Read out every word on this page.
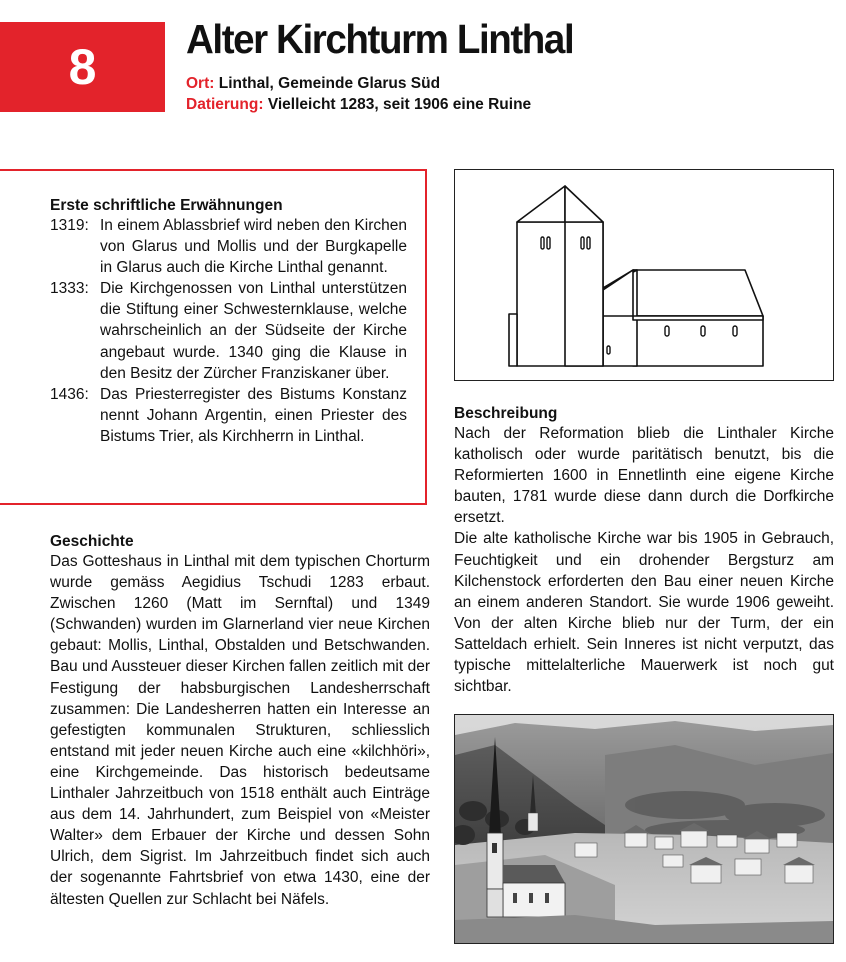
8	Alter Kirchturm Linthal
Ort: Linthal, Gemeinde Glarus Süd
Datierung: Vielleicht 1283, seit 1906 eine Ruine
Erste schriftliche Erwähnungen
1319: In einem Ablassbrief wird neben den Kirchen von Glarus und Mollis und der Burgkapelle in Glarus auch die Kirche Linthal genannt.
1333: Die Kirchgenossen von Linthal unterstützen die Stiftung einer Schwesternklause, welche wahrscheinlich an der Südseite der Kirche angebaut wurde. 1340 ging die Klause in den Besitz der Zürcher Franziskaner über.
1436: Das Priesterregister des Bistums Konstanz nennt Johann Argentin, einen Priester des Bistums Trier, als Kirchherrn in Linthal.
Geschichte
Das Gotteshaus in Linthal mit dem typischen Chorturm wurde gemäss Aegidius Tschudi 1283 erbaut. Zwischen 1260 (Matt im Sernftal) und 1349 (Schwanden) wurden im Glarnerland vier neue Kirchen gebaut: Mollis, Linthal, Obstalden und Betschwanden. Bau und Aussteuer dieser Kirchen fallen zeitlich mit der Festigung der habsburgischen Landesherrschaft zusammen: Die Landesherren hatten ein Interesse an gefestigten kommunalen Strukturen, schliesslich entstand mit jeder neuen Kirche auch eine «kilchhöri», eine Kirchgemeinde. Das historisch bedeutsame Linthaler Jahrzeitbuch von 1518 enthält auch Einträge aus dem 14. Jahrhundert, zum Beispiel von «Meister Walter» dem Erbauer der Kirche und dessen Sohn Ulrich, dem Sigrist. Im Jahrzeitbuch findet sich auch der sogenannte Fahrtsbrief von etwa 1430, eine der ältesten Quellen zur Schlacht bei Näfels.
Beschreibung
Nach der Reformation blieb die Linthaler Kirche katholisch oder wurde paritätisch benutzt, bis die Reformierten 1600 in Ennetlinth eine eigene Kirche bauten, 1781 wurde diese dann durch die Dorfkirche ersetzt.
Die alte katholische Kirche war bis 1905 in Gebrauch, Feuchtigkeit und ein drohender Bergsturz am Kilchenstock erforderten den Bau einer neuen Kirche an einem anderen Standort. Sie wurde 1906 geweiht. Von der alten Kirche blieb nur der Turm, der ein Satteldach erhielt. Sein Inneres ist nicht verputzt, das typische mittelalterliche Mauerwerk ist noch gut sichtbar.
